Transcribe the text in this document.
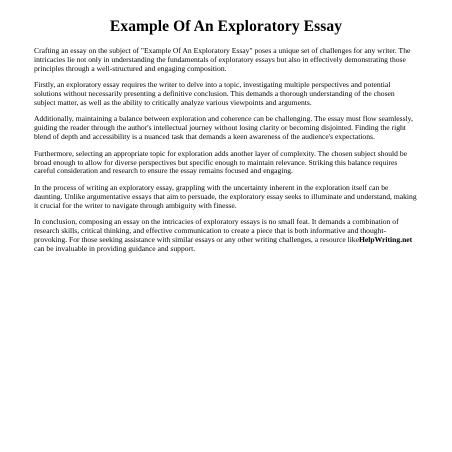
Example Of An Exploratory Essay

Crafting an essay on the subject of "Example Of An Exploratory Essay" poses a unique set of challenges for any writer. The intricacies lie not only in understanding the fundamentals of exploratory essays but also in effectively demonstrating those principles through a well-structured and engaging composition.

Firstly, an exploratory essay requires the writer to delve into a topic, investigating multiple perspectives and potential solutions without necessarily presenting a definitive conclusion. This demands a thorough understanding of the chosen subject matter, as well as the ability to critically analyze various viewpoints and arguments.

Additionally, maintaining a balance between exploration and coherence can be challenging. The essay must flow seamlessly, guiding the reader through the author's intellectual journey without losing clarity or becoming disjointed. Finding the right blend of depth and accessibility is a nuanced task that demands a keen awareness of the audience's expectations.

Furthermore, selecting an appropriate topic for exploration adds another layer of complexity. The chosen subject should be broad enough to allow for diverse perspectives but specific enough to maintain relevance. Striking this balance requires careful consideration and research to ensure the essay remains focused and engaging.

In the process of writing an exploratory essay, grappling with the uncertainty inherent in the exploration itself can be daunting. Unlike argumentative essays that aim to persuade, the exploratory essay seeks to illuminate and understand, making it crucial for the writer to navigate through ambiguity with finesse.

In conclusion, composing an essay on the intricacies of exploratory essays is no small feat. It demands a combination of research skills, critical thinking, and effective communication to create a piece that is both informative and thought-provoking. For those seeking assistance with similar essays or any other writing challenges, a resource likeHelpWriting.net can be invaluable in providing guidance and support.
